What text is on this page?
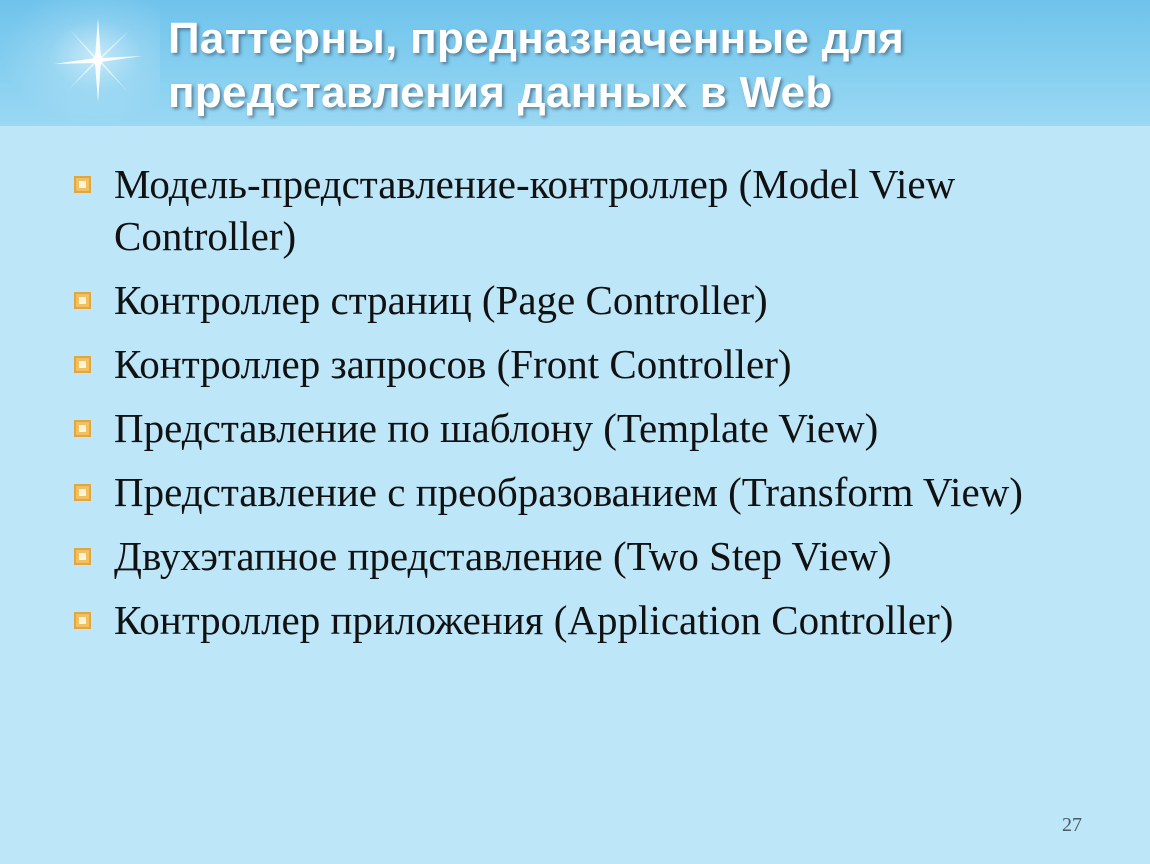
Паттерны, предназначенные для представления данных в Web
Модель-представление-контроллер (Model View Controller)
Контроллер страниц (Page Controller)
Контроллер запросов (Front Controller)
Представление по шаблону (Template View)
Представление с преобразованием (Transform View)
Двухэтапное представление (Two Step View)
Контроллер приложения (Application Controller)
27
